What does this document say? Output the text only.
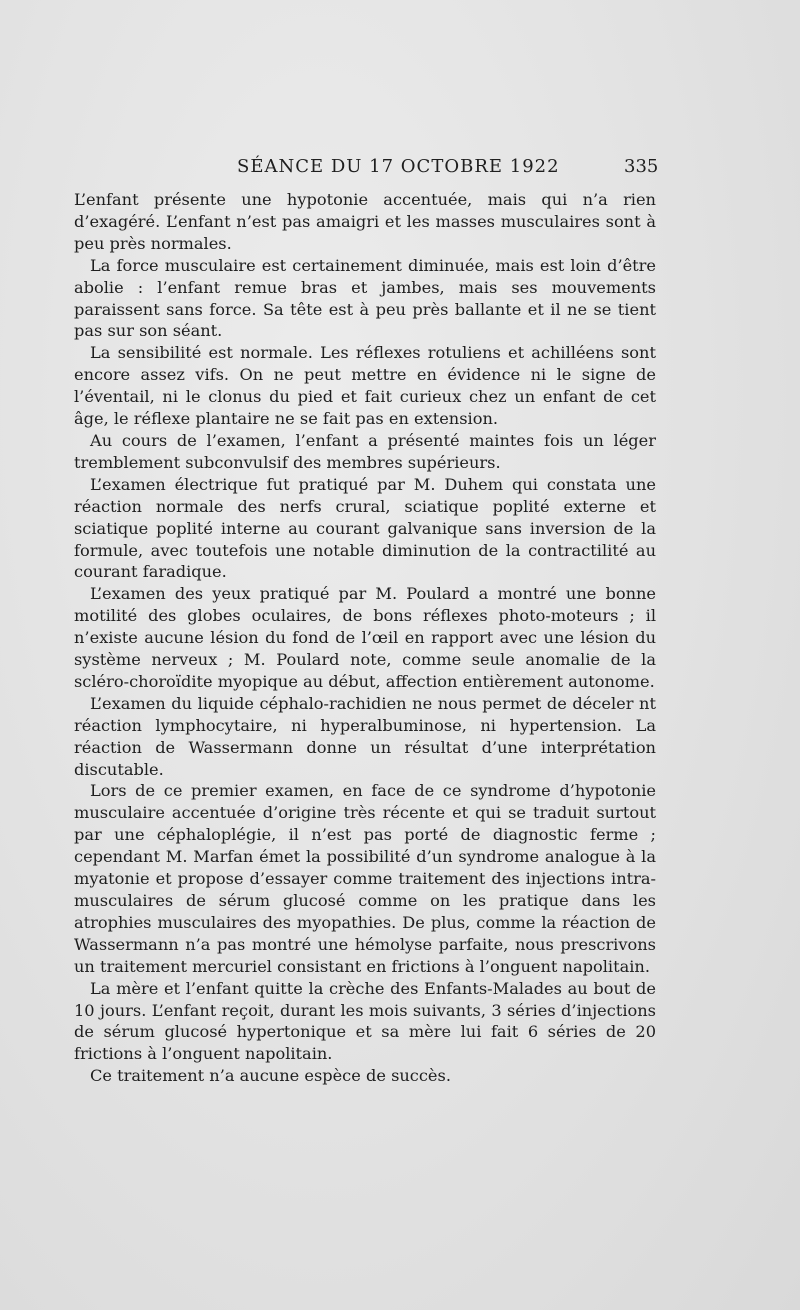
SÉANCE DU 17 OCTOBRE 1922	335

L’enfant présente une hypotonie accentuée, mais qui n’a rien d’exagéré. L’enfant n’est pas amaigri et les masses musculaires sont à peu près normales.

La force musculaire est certainement diminuée, mais est loin d’être abolie : l’enfant remue bras et jambes, mais ses mouvements paraissent sans force. Sa tête est à peu près ballante et il ne se tient pas sur son séant.

La sensibilité est normale. Les réflexes rotuliens et achilléens sont encore assez vifs. On ne peut mettre en évidence ni le signe de l’éventail, ni le clonus du pied et fait curieux chez un enfant de cet âge, le réflexe plantaire ne se fait pas en extension.

Au cours de l’examen, l’enfant a présenté maintes fois un léger tremblement subconvulsif des membres supérieurs.

L’examen électrique fut pratiqué par M. Duhem qui constata une réaction normale des nerfs crural, sciatique poplité externe et sciatique poplité interne au courant galvanique sans inversion de la formule, avec toutefois une notable diminution de la contractilité au courant faradique.

L’examen des yeux pratiqué par M. Poulard a montré une bonne motilité des globes oculaires, de bons réflexes photo-moteurs ; il n’existe aucune lésion du fond de l’œil en rapport avec une lésion du système nerveux ; M. Poulard note, comme seule anomalie de la scléro-choroïdite myopique au début, affection entièrement autonome.

L’examen du liquide céphalo-rachidien ne nous permet de déceler nt réaction lymphocytaire, ni hyperalbuminose, ni hypertension. La réaction de Wassermann donne un résultat d’une interprétation discutable.

Lors de ce premier examen, en face de ce syndrome d’hypotonie musculaire accentuée d’origine très récente et qui se traduit surtout par une céphaloplégie, il n’est pas porté de diagnostic ferme ; cependant M. Marfan émet la possibilité d’un syndrome analogue à la myatonie et propose d’essayer comme traitement des injections intra-musculaires de sérum glucosé comme on les pratique dans les atrophies musculaires des myopathies. De plus, comme la réaction de Wassermann n’a pas montré une hémolyse parfaite, nous prescrivons un traitement mercuriel consistant en frictions à l’onguent napolitain.

La mère et l’enfant quitte la crèche des Enfants-Malades au bout de 10 jours. L’enfant reçoit, durant les mois suivants, 3 séries d’injections de sérum glucosé hypertonique et sa mère lui fait 6 séries de 20 frictions à l’onguent napolitain.

Ce traitement n’a aucune espèce de succès.
